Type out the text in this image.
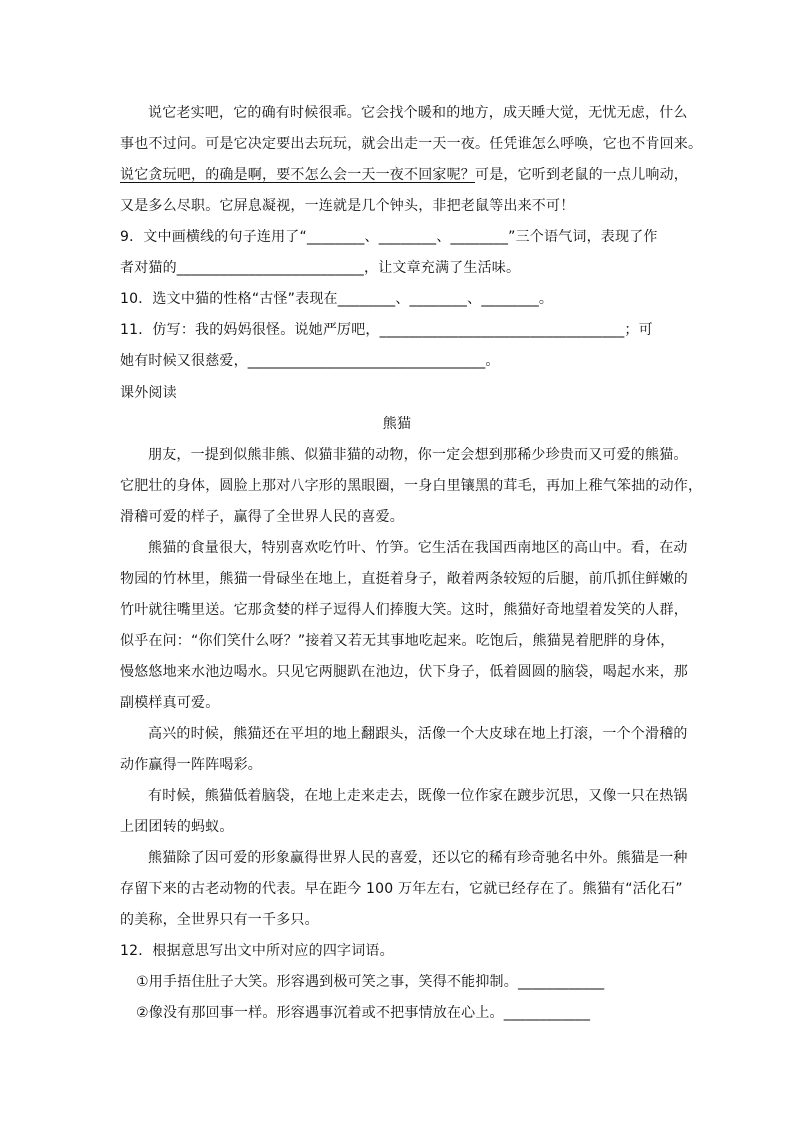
说它老实吧，它的确有时候很乖。它会找个暖和的地方，成天睡大觉，无忧无虑，什么
事也不过问。可是它决定要出去玩玩，就会出走一天一夜。任凭谁怎么呼唤，它也不肯回来。
说它贪玩吧，的确是啊，要不怎么会一天一夜不回家呢？可是，它听到老鼠的一点儿响动，
又是多么尽职。它屏息凝视，一连就是几个钟头，非把老鼠等出来不可！
9．文中画横线的句子连用了“________、________、________”三个语气词，表现了作
者对猫的__________________________，让文章充满了生活味。
10．选文中猫的性格“古怪”表现在________、________、________。
11．仿写：我的妈妈很怪。说她严厉吧，__________________________________；可
她有时候又很慈爱，_________________________________。
课外阅读
熊猫
朋友，一提到似熊非熊、似猫非猫的动物，你一定会想到那稀少珍贵而又可爱的熊猫。
它肥壮的身体，圆脸上那对八字形的黑眼圈，一身白里镶黑的茸毛，再加上稚气笨拙的动作，
滑稽可爱的样子，赢得了全世界人民的喜爱。
熊猫的食量很大，特别喜欢吃竹叶、竹笋。它生活在我国西南地区的高山中。看，在动
物园的竹林里，熊猫一骨碌坐在地上，直挺着身子，敞着两条较短的后腿，前爪抓住鲜嫩的
竹叶就往嘴里送。它那贪婪的样子逗得人们捧腹大笑。这时，熊猫好奇地望着发笑的人群，
似乎在问：“你们笑什么呀？”接着又若无其事地吃起来。吃饱后，熊猫晃着肥胖的身体，
慢悠悠地来水池边喝水。只见它两腿趴在池边，伏下身子，低着圆圆的脑袋，喝起水来，那
副模样真可爱。
高兴的时候，熊猫还在平坦的地上翻跟头，活像一个大皮球在地上打滚，一个个滑稽的
动作赢得一阵阵喝彩。
有时候，熊猫低着脑袋，在地上走来走去，既像一位作家在踱步沉思，又像一只在热锅
上团团转的蚂蚁。
熊猫除了因可爱的形象赢得世界人民的喜爱，还以它的稀有珍奇驰名中外。熊猫是一种
存留下来的古老动物的代表。早在距今 100 万年左右，它就已经存在了。熊猫有“活化石”
的美称，全世界只有一千多只。
12．根据意思写出文中所对应的四字词语。
①用手捂住肚子大笑。形容遇到极可笑之事，笑得不能抑制。____________
②像没有那回事一样。形容遇事沉着或不把事情放在心上。____________
